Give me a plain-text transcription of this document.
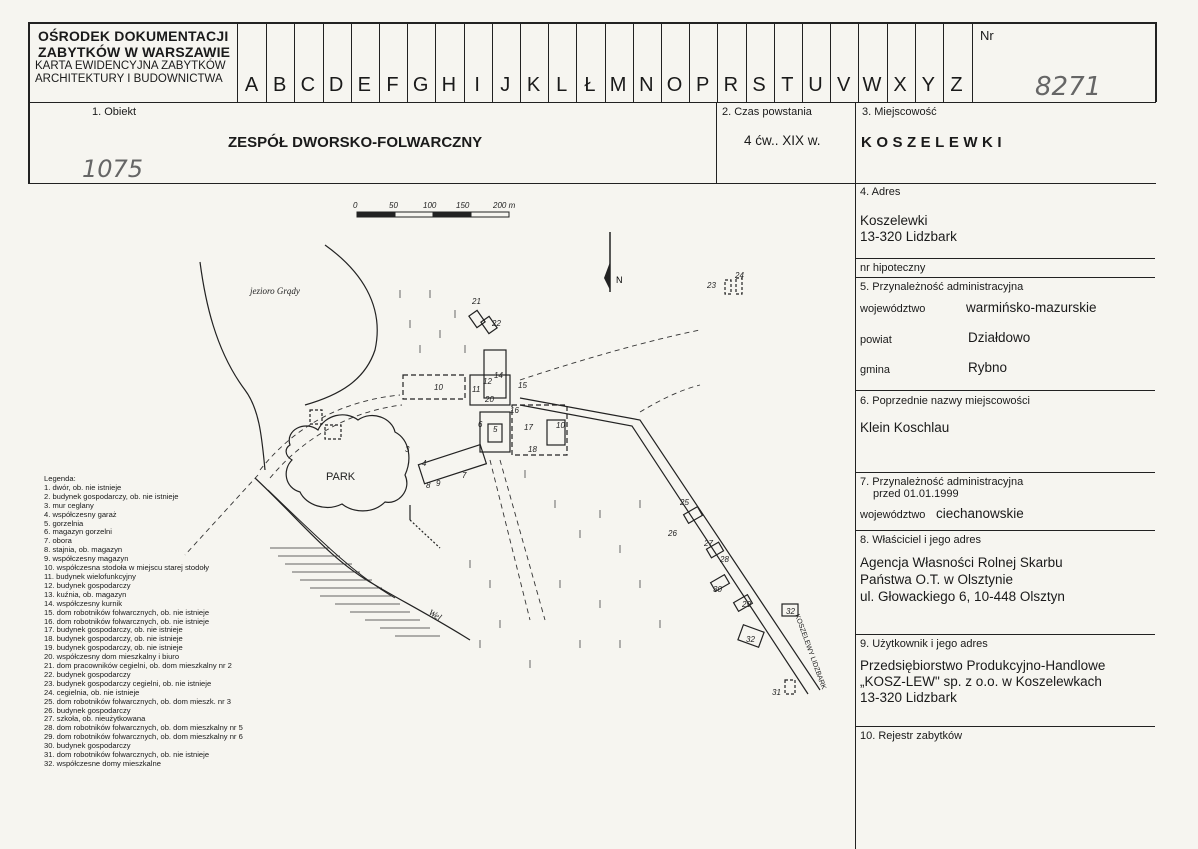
A B C D E F G H I	J K L Ł M N O P R S T U V W X Y Z
OŚRODEK DOKUMENTACJI
ZABYTKÓW W WARSZAWIE
KARTA EWIDENCYJNA ZABYTKÓW
ARCHITEKTURY I BUDOWNICTWA
Nr
8271
1. Obiekt
ZESPÓŁ DWORSKO-FOLWARCZNY
1075
2. Czas powstania
4 ćw.. XIX w.
3. Miejscowość
KOSZELEWKI
4. Adres
Koszelewki
13-320 Lidzbark
nr hipoteczny
5. Przynależność administracyjna
województwo	warmińsko-mazurskie
powiat	Działdowo
gmina	Rybno
6. Poprzednie nazwy miejscowości
Klein Koschlau
7. Przynależność administracyjna
przed 01.01.1999
województwo ciechanowskie
8. Właściciel i jego adres
Agencja Własności Rolnej Skarbu
Państwa O.T. w Olsztynie
ul. Głowackiego 6, 10-448 Olsztyn
9. Użytkownik i jego adres
Przedsiębiorstwo Produkcyjno-Handlowe
„KOSZ-LEW" sp. z o.o. w Koszelewkach
13-320 Lidzbark
10. Rejestr zabytków
0	50	100 150	200 m
N
jezioro Grądy
Wel
PARK
KOSZELEWY LIDZBARK
10	11
12
14
15
20
6
5
3
4
8 9
7
16
17
18
10
21
22
23
24
25
26
27
28
29
30
31
32
32
Legenda:
1. dwór, ob. nie istnieje
2. budynek gospodarczy, ob. nie istnieje
3. mur ceglany
4. współczesny garaż
5. gorzelnia
6. magazyn gorzelni
7. obora
8. stajnia, ob. magazyn
9. współczesny magazyn
10. współczesna stodoła w miejscu starej stodoły
11. budynek wielofunkcyjny
12. budynek gospodarczy
13. kuźnia, ob. magazyn
14. współczesny kurnik
15. dom robotników folwarcznych, ob. nie istnieje
16. dom robotników folwarcznych, ob. nie istnieje
17. budynek gospodarczy, ob. nie istnieje
18. budynek gospodarczy, ob. nie istnieje
19. budynek gospodarczy, ob. nie istnieje
20. współczesny dom mieszkalny i biuro
21. dom pracowników cegielni, ob. dom mieszkalny nr 2
22. budynek gospodarczy
23. budynek gospodarczy cegielni, ob. nie istnieje
24. cegielnia, ob. nie istnieje
25. dom robotników folwarcznych, ob. dom mieszk. nr 3
26. budynek gospodarczy
27. szkoła, ob. nieużytkowana
28. dom robotników folwarcznych, ob. dom mieszkalny nr 5
29. dom robotników folwarcznych, ob. dom mieszkalny nr 6
30. budynek gospodarczy
31. dom robotników folwarcznych, ob. nie istnieje
32. współczesne domy mieszkalne
